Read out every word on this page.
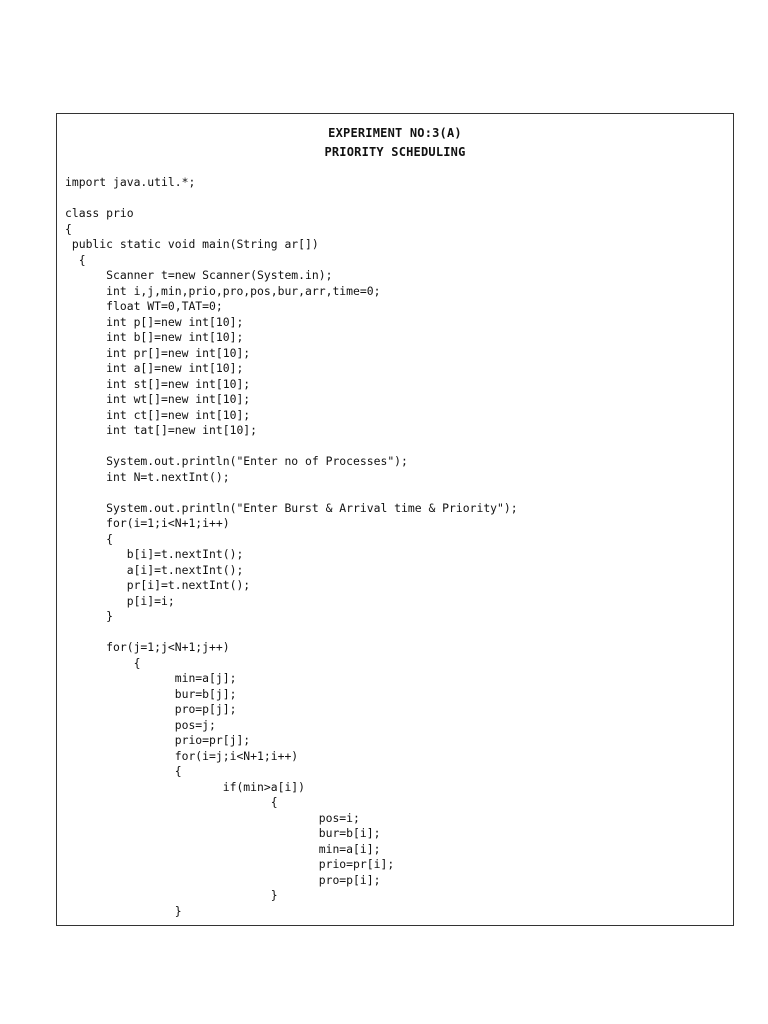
EXPERIMENT NO:3(A)
PRIORITY SCHEDULING
import java.util.*;
class prio
{
public static void main(String ar[])
{
Scanner t=new Scanner(System.in);
int i,j,min,prio,pro,pos,bur,arr,time=0;
float WT=0,TAT=0;
int p[]=new int[10];
int b[]=new int[10];
int pr[]=new int[10];
int a[]=new int[10];
int st[]=new int[10];
int wt[]=new int[10];
int ct[]=new int[10];
int tat[]=new int[10];
System.out.println("Enter no of Processes");
int N=t.nextInt();
System.out.println("Enter Burst & Arrival time & Priority");
for(i=1;i<N+1;i++)
{
b[i]=t.nextInt();
a[i]=t.nextInt();
pr[i]=t.nextInt();
p[i]=i;
}
for(j=1;j<N+1;j++)
{
min=a[j];
bur=b[j];
pro=p[j];
pos=j;
prio=pr[j];
for(i=j;i<N+1;i++)
{
if(min>a[i])
{
pos=i;
bur=b[i];
min=a[i];
prio=pr[i];
pro=p[i];
}
}
